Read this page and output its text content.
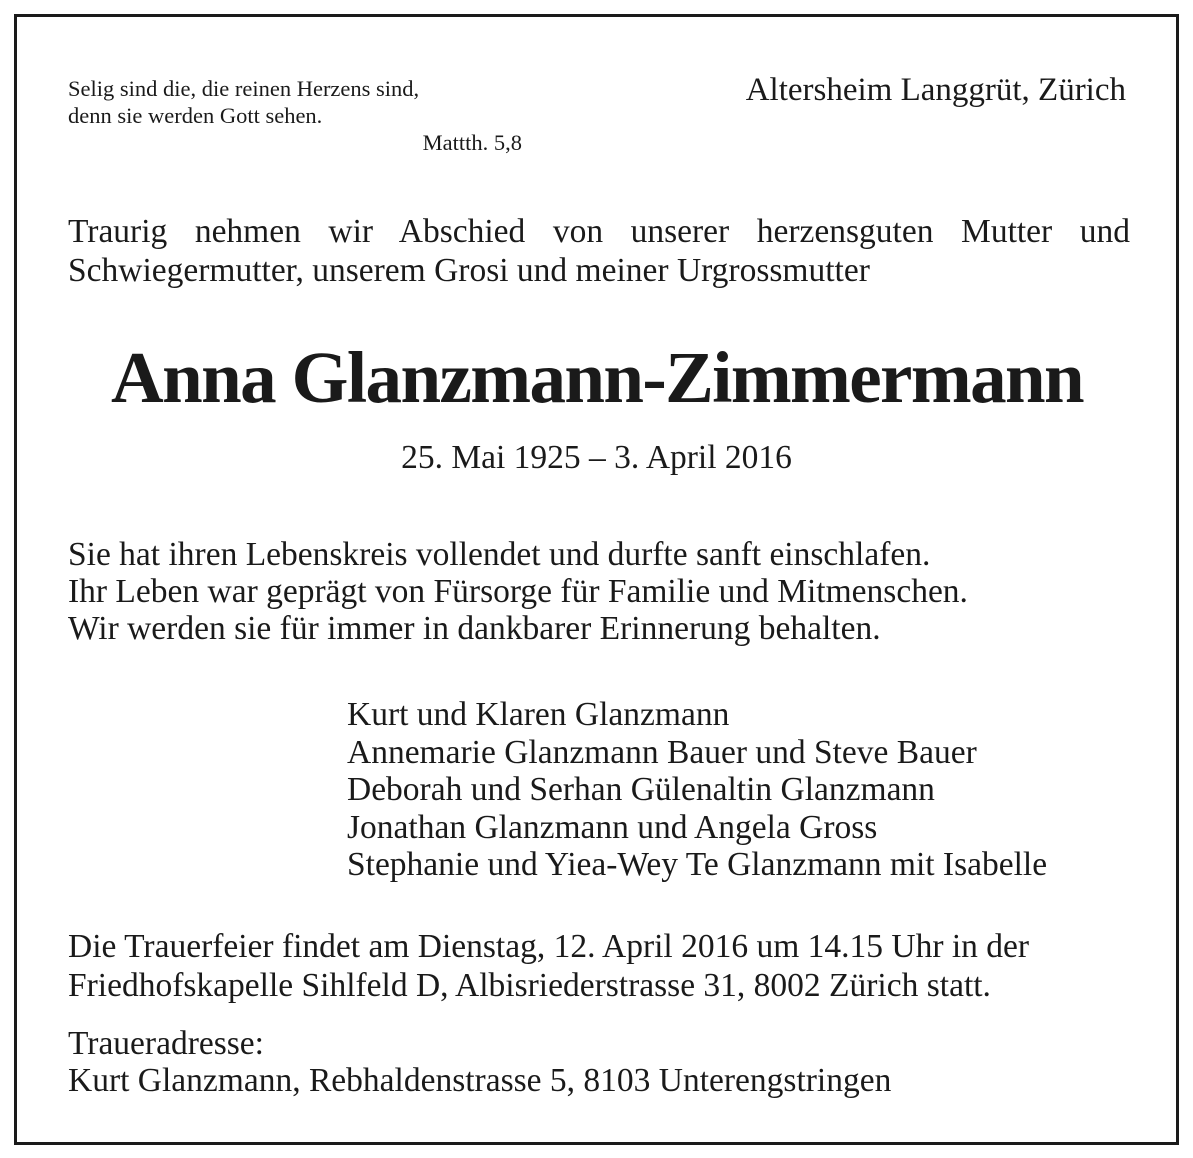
Selig sind die, die reinen Herzens sind,
denn sie werden Gott sehen.
Mattth. 5,8
Altersheim Langgrüt, Zürich
Traurig nehmen wir Abschied von unserer herzensguten Mutter und Schwiegermutter, unserem Grosi und meiner Urgrossmutter
Anna Glanzmann-Zimmermann
25. Mai 1925 – 3. April 2016
Sie hat ihren Lebenskreis vollendet und durfte sanft einschlafen.
Ihr Leben war geprägt von Fürsorge für Familie und Mitmenschen.
Wir werden sie für immer in dankbarer Erinnerung behalten.
Kurt und Klaren Glanzmann
Annemarie Glanzmann Bauer und Steve Bauer
Deborah und Serhan Gülenaltin Glanzmann
Jonathan Glanzmann und Angela Gross
Stephanie und Yiea-Wey Te Glanzmann mit Isabelle
Die Trauerfeier findet am Dienstag, 12. April 2016 um 14.15 Uhr in der
Friedhofskapelle Sihlfeld D, Albisriederstrasse 31, 8002 Zürich statt.
Traueradresse:
Kurt Glanzmann, Rebhaldenstrasse 5, 8103 Unterengstringen
